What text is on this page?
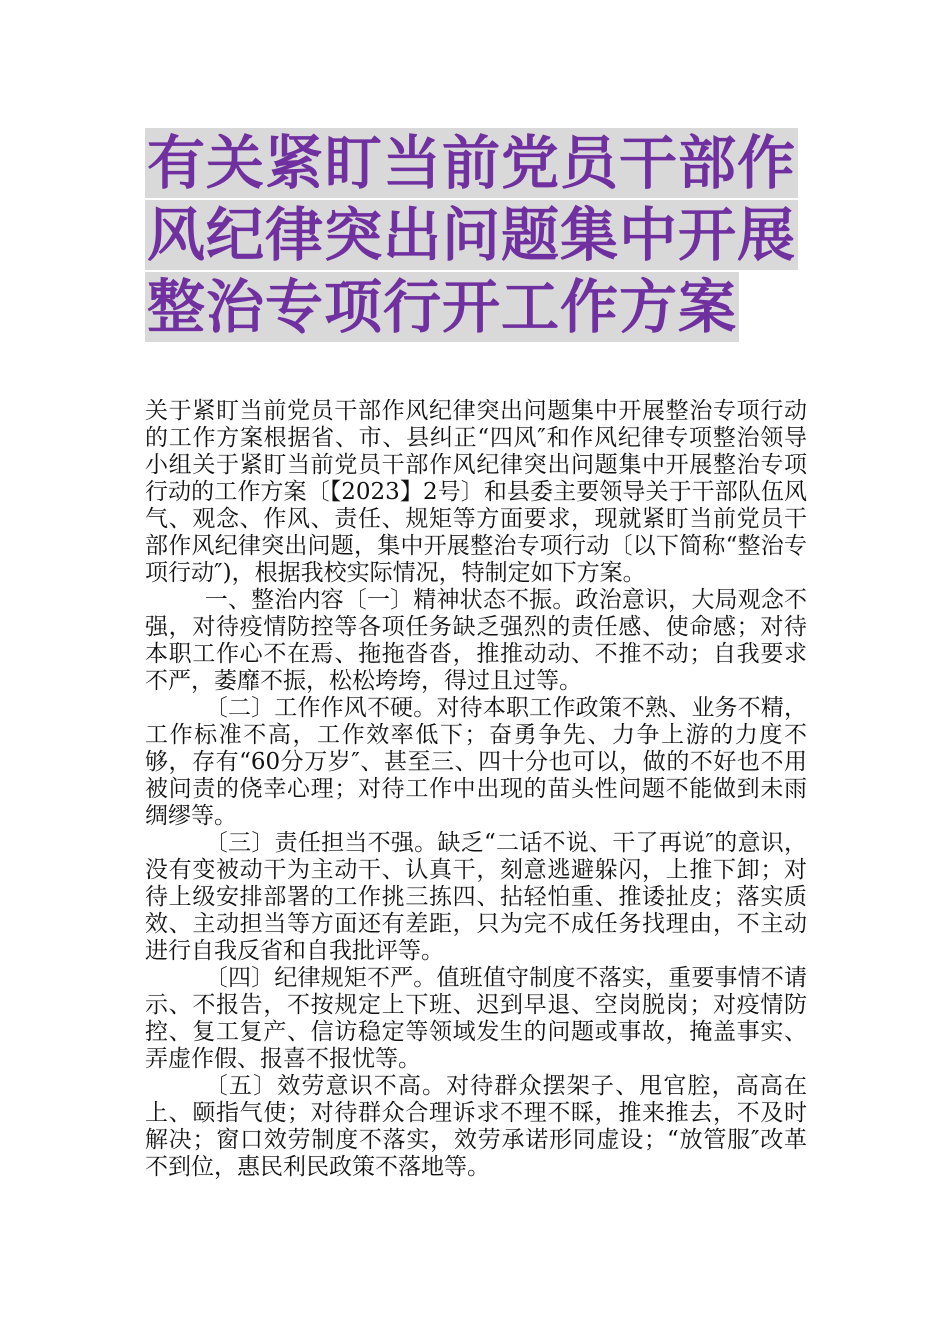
有关紧盯当前党员干部作
风纪律突出问题集中开展
整治专项行开工作方案

关于紧盯当前党员干部作风纪律突出问题集中开展整治专项行动的工作方案根据省、市、县纠正“四风″和作风纪律专项整治领导小组关于紧盯当前党员干部作风纪律突出问题集中开展整治专项行动的工作方案〔【2023】2号〕和县委主要领导关于干部队伍风气、观念、作风、责任、规矩等方面要求，现就紧盯当前党员干部作风纪律突出问题，集中开展整治专项行动〔以下简称“整治专项行动″)，根据我校实际情况，特制定如下方案。

一、整治内容〔一〕精神状态不振。政治意识，大局观念不强，对待疫情防控等各项任务缺乏强烈的责任感、使命感；对待本职工作心不在焉、拖拖沓沓，推推动动、不推不动；自我要求不严，萎靡不振，松松垮垮，得过且过等。

〔二〕工作作风不硬。对待本职工作政策不熟、业务不精，工作标准不高，工作效率低下；奋勇争先、力争上游的力度不够，存有“60分万岁″、甚至三、四十分也可以，做的不好也不用被问责的侥幸心理；对待工作中出现的苗头性问题不能做到未雨绸缪等。

〔三〕责任担当不强。缺乏“二话不说、干了再说″的意识，没有变被动干为主动干、认真干，刻意逃避躲闪，上推下卸；对待上级安排部署的工作挑三拣四、拈轻怕重、推诿扯皮；落实质效、主动担当等方面还有差距，只为完不成任务找理由，不主动进行自我反省和自我批评等。

〔四〕纪律规矩不严。值班值守制度不落实，重要事情不请示、不报告，不按规定上下班、迟到早退、空岗脱岗；对疫情防控、复工复产、信访稳定等领域发生的问题或事故，掩盖事实、弄虚作假、报喜不报忧等。

〔五〕效劳意识不高。对待群众摆架子、甩官腔，高高在上、颐指气使；对待群众合理诉求不理不睬，推来推去，不及时解决；窗口效劳制度不落实，效劳承诺形同虚设；“放管服″改革不到位，惠民利民政策不落地等。
